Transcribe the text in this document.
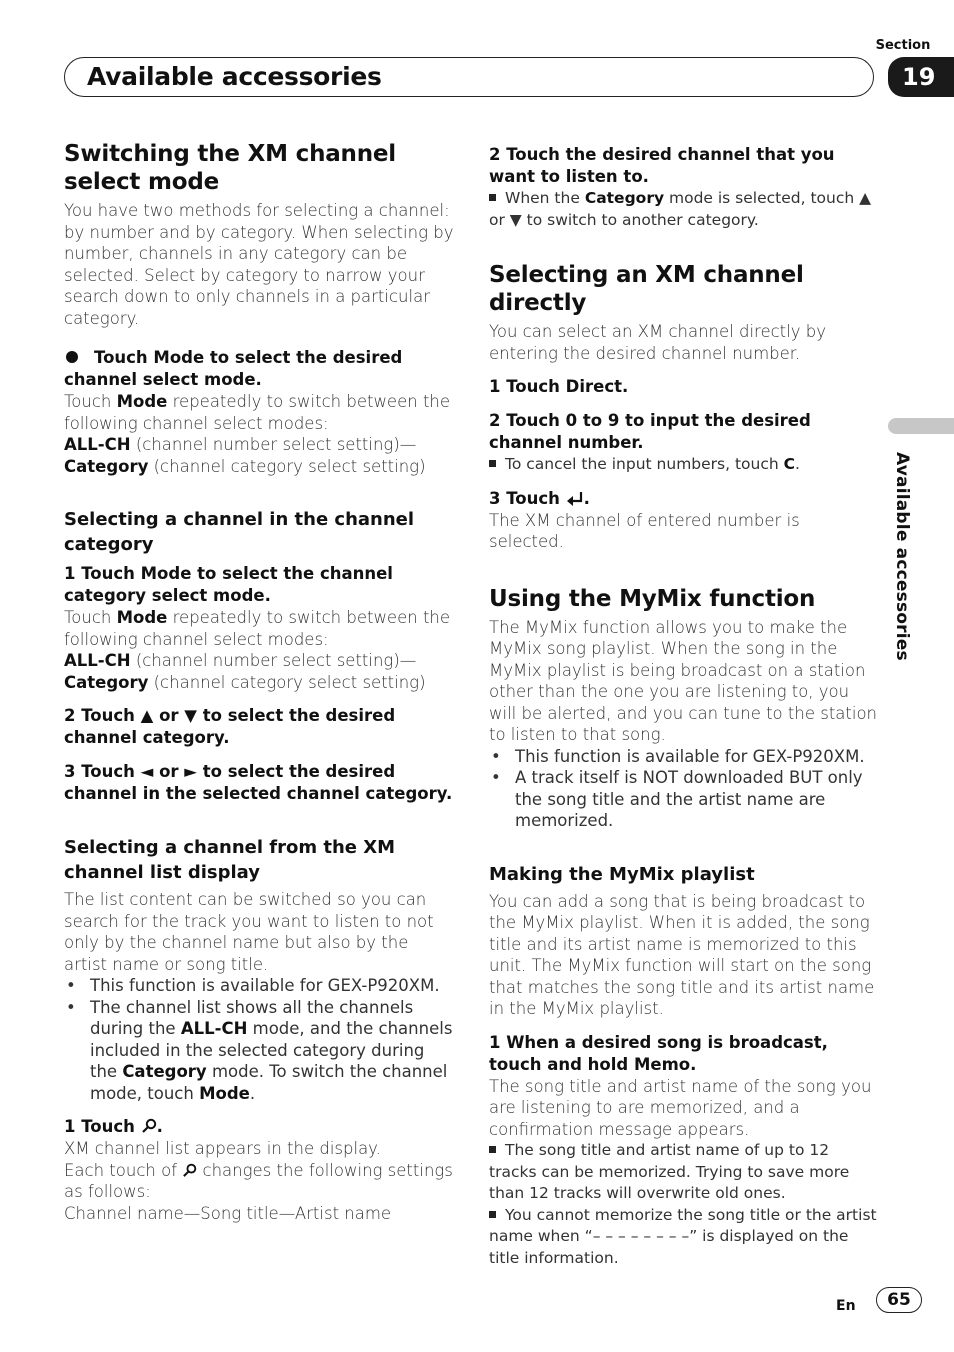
Section
Available accessories	19
Available accessories
Switching the XM channel select mode

You have two methods for selecting a channel: by number and by category. When selecting by number, channels in any category can be selected. Select by category to narrow your search down to only channels in a particular category.

Touch Mode to select the desired channel select mode.

Touch Mode repeatedly to switch between the following channel select modes:

ALL-CH (channel number select setting)—

Category (channel category select setting)

Selecting a channel in the channel category

1 Touch Mode to select the channel category select mode.

Touch Mode repeatedly to switch between the following channel select modes:

ALL-CH (channel number select setting)—

Category (channel category select setting)

2 Touch ▲ or ▼ to select the desired channel category.

3 Touch ◄ or ► to select the desired channel in the selected channel category.

Selecting a channel from the XM channel list display

The list content can be switched so you can search for the track you want to listen to not only by the channel name but also by the artist name or song title.

• This function is available for GEX-P920XM.
• The channel list shows all the channels during the ALL-CH mode, and the channels included in the selected category during the Category mode. To switch the channel mode, touch Mode.

1 Touch .

XM channel list appears in the display.

Each touch of changes the following settings as follows:

Channel name—Song title—Artist name

2 Touch the desired channel that you want to listen to.

When the Category mode is selected, touch ▲ or ▼ to switch to another category.

Selecting an XM channel directly

You can select an XM channel directly by entering the desired channel number.

1 Touch Direct.

2 Touch 0 to 9 to input the desired channel number.

To cancel the input numbers, touch C.

3 Touch .

The XM channel of entered number is selected.

Using the MyMix function

The MyMix function allows you to make the MyMix song playlist. When the song in the MyMix playlist is being broadcast on a station other than the one you are listening to, you will be alerted, and you can tune to the station to listen to that song.

• This function is available for GEX-P920XM.
• A track itself is NOT downloaded BUT only the song title and the artist name are memorized.
Making the MyMix playlist

You can add a song that is being broadcast to the MyMix playlist. When it is added, the song title and its artist name is memorized to this unit. The MyMix function will start on the song that matches the song title and its artist name in the MyMix playlist.

1 When a desired song is broadcast, touch and hold Memo.

The song title and artist name of the song you are listening to are memorized, and a confirmation message appears.

The song title and artist name of up to 12 tracks can be memorized. Trying to save more than 12 tracks will overwrite old ones.

You cannot memorize the song title or the artist name when “– – – – – – – –” is displayed on the title information.

En	65
